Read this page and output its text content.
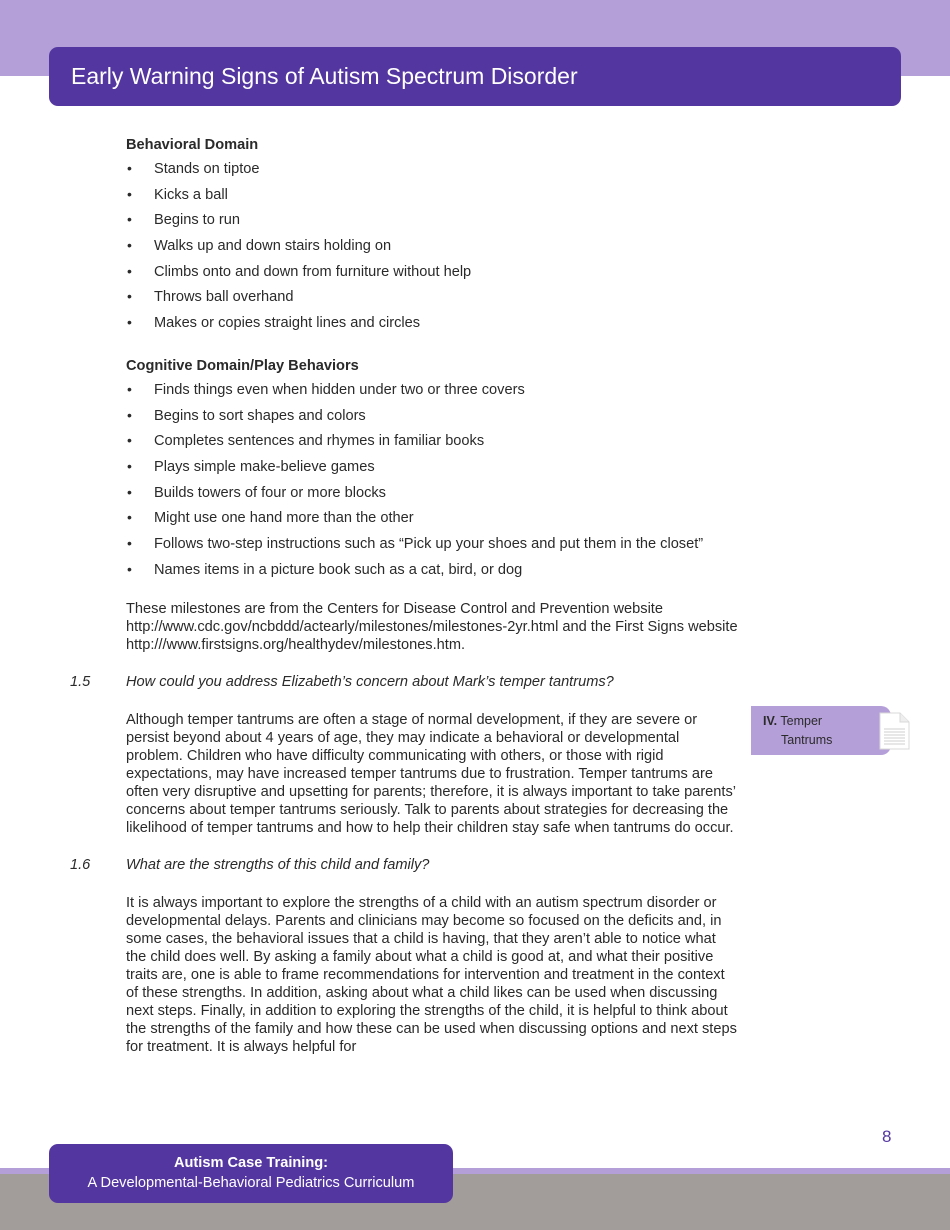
Early Warning Signs of Autism Spectrum Disorder
Behavioral Domain
• Stands on tiptoe
• Kicks a ball
• Begins to run
• Walks up and down stairs holding on
• Climbs onto and down from furniture without help
• Throws ball overhand
• Makes or copies straight lines and circles
Cognitive Domain/Play Behaviors
• Finds things even when hidden under two or three covers
• Begins to sort shapes and colors
• Completes sentences and rhymes in familiar books
• Plays simple make-believe games
• Builds towers of four or more blocks
• Might use one hand more than the other
• Follows two-step instructions such as “Pick up your shoes and put them in the closet”
• Names items in a picture book such as a cat, bird, or dog

These milestones are from the Centers for Disease Control and Prevention website http://www.cdc.gov/ncbddd/actearly/milestones/milestones-2yr.html and the First Signs website http:///www.firstsigns.org/healthydev/milestones.htm.

1.5 How could you address Elizabeth’s concern about Mark’s temper tantrums?

Although temper tantrums are often a stage of normal development, if they are severe or persist beyond about 4 years of age, they may indicate a behavioral or developmental problem. Children who have difficulty communicating with others, or those with rigid expectations, may have increased temper tantrums due to frustration. Temper tantrums are often very disruptive and upsetting for parents; therefore, it is always important to take parents’ concerns about temper tantrums seriously. Talk to parents about strategies for decreasing the likelihood of temper tantrums and how to help their children stay safe when tantrums do occur.

1.6 What are the strengths of this child and family?

It is always important to explore the strengths of a child with an autism spectrum disorder or developmental delays. Parents and clinicians may become so focused on the deficits and, in some cases, the behavioral issues that a child is having, that they aren’t able to notice what the child does well. By asking a family about what a child is good at, and what their positive traits are, one is able to frame recommendations for intervention and treatment in the context of these strengths. In addition, asking about what a child likes can be used when discussing next steps. Finally, in addition to exploring the strengths of the child, it is helpful to think about the strengths of the family and how these can be used when discussing options and next steps for treatment. It is always helpful for

IV. Temper
Tantrums
8
Autism Case Training:
A Developmental-Behavioral Pediatrics Curriculum
